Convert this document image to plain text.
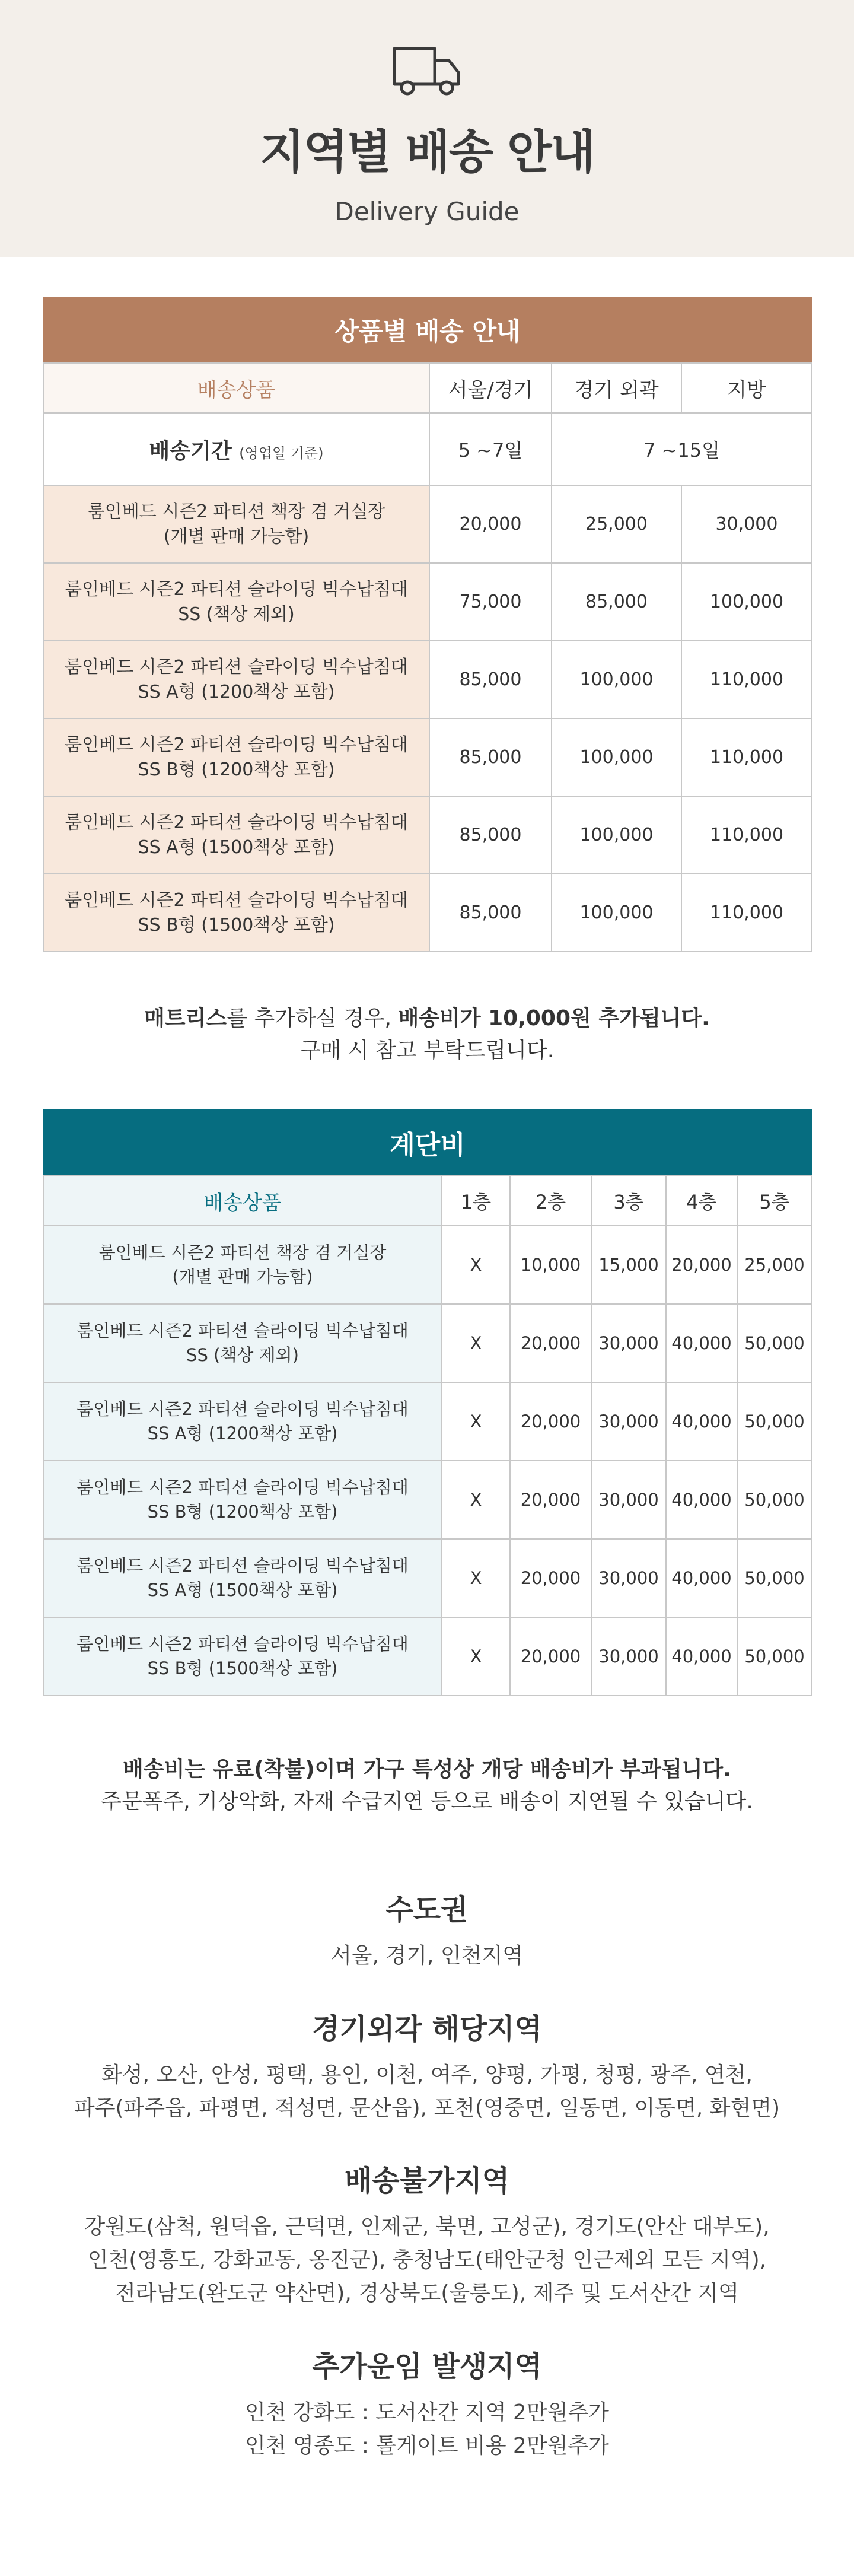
지역별 배송 안내
Delivery Guide
상품별 배송 안내			
배송상품	서울/경기	경기 외곽	지방
배송기간 (영업일 기준)	5 ~7일	7 ~15일	
룸인베드 시즌2 파티션 책장 겸 거실장
(개별 판매 가능함)	20,000	25,000	30,000
룸인베드 시즌2 파티션 슬라이딩 빅수납침대
SS (책상 제외)	75,000	85,000	100,000
룸인베드 시즌2 파티션 슬라이딩 빅수납침대
SS A형 (1200책상 포함)	85,000	100,000	110,000
룸인베드 시즌2 파티션 슬라이딩 빅수납침대
SS B형 (1200책상 포함)	85,000	100,000	110,000
룸인베드 시즌2 파티션 슬라이딩 빅수납침대
SS A형 (1500책상 포함)	85,000	100,000	110,000
룸인베드 시즌2 파티션 슬라이딩 빅수납침대
SS B형 (1500책상 포함)	85,000	100,000	110,000
매트리스를 추가하실 경우, 배송비가 10,000원 추가됩니다.
구매 시 참고 부탁드립니다.
계단비					
배송상품	1층	2층	3층	4층	5층
룸인베드 시즌2 파티션 책장 겸 거실장
(개별 판매 가능함)	X	10,000	15,000	20,000	25,000
룸인베드 시즌2 파티션 슬라이딩 빅수납침대
SS (책상 제외)	X	20,000	30,000	40,000	50,000
룸인베드 시즌2 파티션 슬라이딩 빅수납침대
SS A형 (1200책상 포함)	X	20,000	30,000	40,000	50,000
룸인베드 시즌2 파티션 슬라이딩 빅수납침대
SS B형 (1200책상 포함)	X	20,000	30,000	40,000	50,000
룸인베드 시즌2 파티션 슬라이딩 빅수납침대
SS A형 (1500책상 포함)	X	20,000	30,000	40,000	50,000
룸인베드 시즌2 파티션 슬라이딩 빅수납침대
SS B형 (1500책상 포함)	X	20,000	30,000	40,000	50,000
배송비는 유료(착불)이며 가구 특성상 개당 배송비가 부과됩니다.
주문폭주, 기상악화, 자재 수급지연 등으로 배송이 지연될 수 있습니다.
수도권
서울, 경기, 인천지역
경기외각 해당지역
화성, 오산, 안성, 평택, 용인, 이천, 여주, 양평, 가평, 청평, 광주, 연천,
파주(파주읍, 파평면, 적성면, 문산읍), 포천(영중면, 일동면, 이동면, 화현면)
배송불가지역
강원도(삼척, 원덕읍, 근덕면, 인제군, 북면, 고성군), 경기도(안산 대부도),
인천(영흥도, 강화교동, 옹진군), 충청남도(태안군청 인근제외 모든 지역),
전라남도(완도군 약산면), 경상북도(울릉도), 제주 및 도서산간 지역
추가운임 발생지역
인천 강화도 : 도서산간 지역 2만원추가
인천 영종도 : 톨게이트 비용 2만원추가
